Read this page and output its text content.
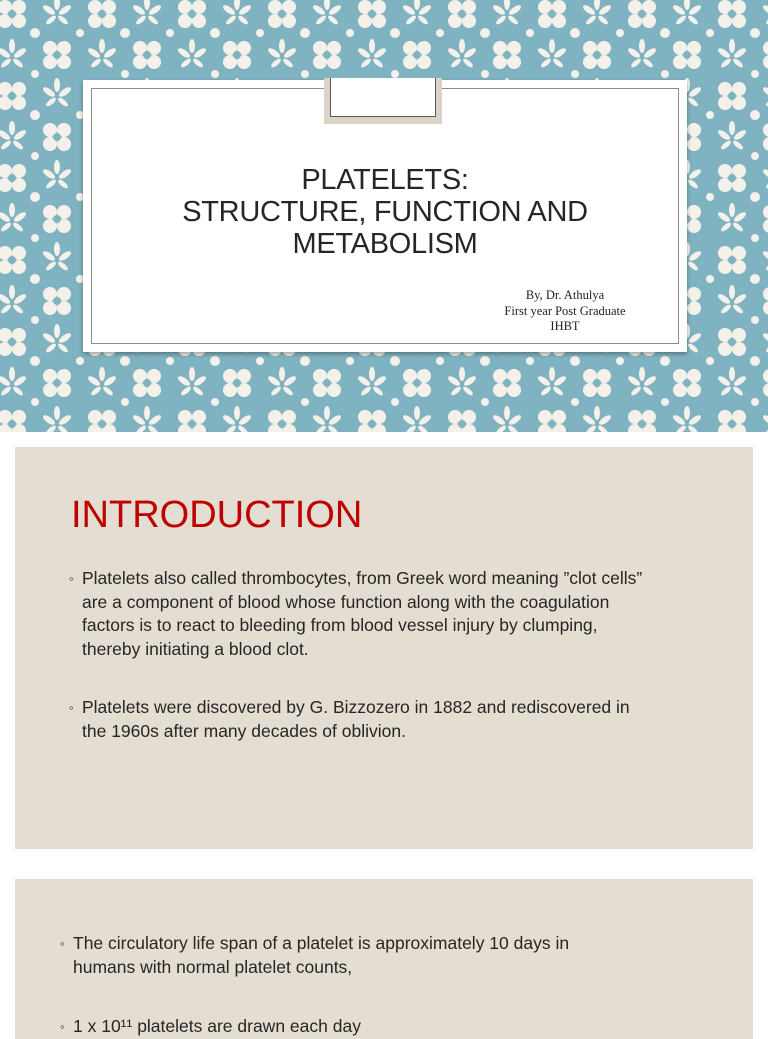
PLATELETS:
STRUCTURE, FUNCTION AND
METABOLISM
By, Dr. Athulya
First year Post Graduate
IHBT
INTRODUCTION
◦ Platelets also called thrombocytes, from Greek word meaning ”clot cells”
are a component of blood whose function along with the coagulation
factors is to react to bleeding from blood vessel injury by clumping,
thereby initiating a blood clot.
◦ Platelets were discovered by G. Bizzozero in 1882 and rediscovered in
the 1960s after many decades of oblivion.
◦ The circulatory life span of a platelet is approximately 10 days in
humans with normal platelet counts,
◦ 1 x 10¹¹ platelets are drawn each day
